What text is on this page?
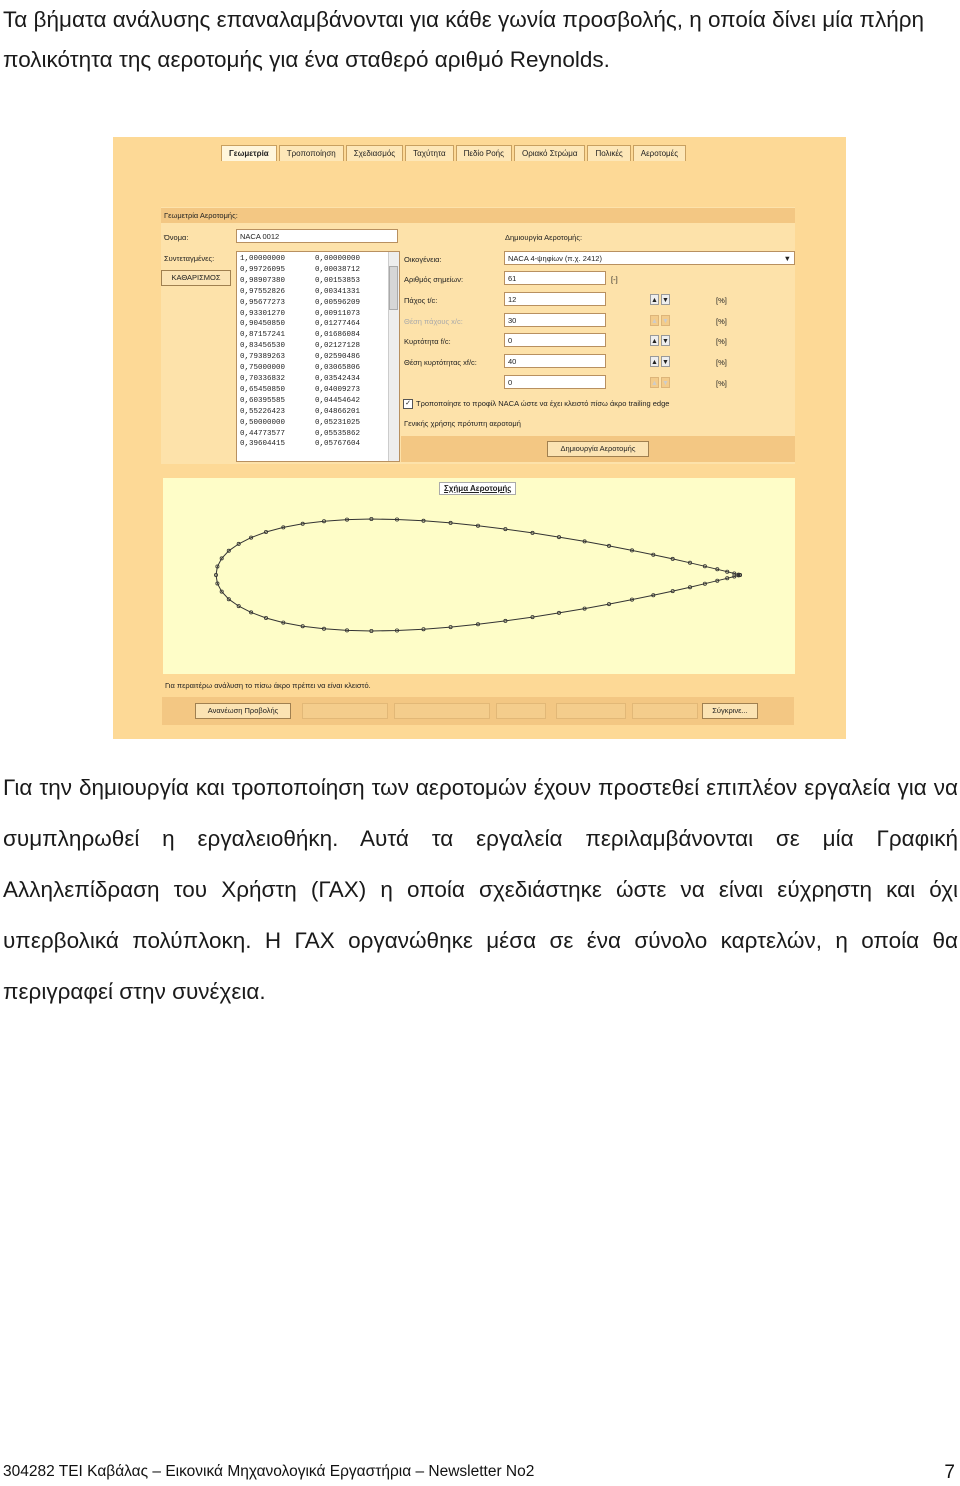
Τα βήματα ανάλυσης επαναλαμβάνονται για κάθε γωνία προσβολής, η οποία δίνει μία πλήρη πολικότητα της αεροτομής για ένα σταθερό αριθμό Reynolds.

Γεωμετρία	Τροποποίηση	Σχεδιασμός	Ταχύτητα	Πεδίο Ροής	Οριακό Στρώμα	Πολικές	Αεροτομές
Γεωμετρία Αεροτομής:
Όνομα:	NACA 0012
Συντεταγμένες:
ΚΑΘΑΡΙΣΜΟΣ
1,00000000	0,00000000
0,99726095	0,00038712
0,98907380	0,00153853
0,97552826	0,00341331
0,95677273	0,00596209
0,93301270	0,00911073
0,90450850	0,01277464
0,87157241	0,01686084
0,83456530	0,02127128
0,79389263	0,02590486
0,75000000	0,03065806
0,70336832	0,03542434
0,65450850	0,04009273
0,60395585	0,04454642
0,55226423	0,04866201
0,50000000	0,05231025
0,44773577	0,05535862
0,39604415	0,05767604
Δημιουργία Αεροτομής:
Οικογένεια:	NACA 4-ψηφίων (π.χ. 2412)	▼
Αριθμός σημείων:	61	[-]
Πάχος t/c:	12	▲ ▼	[%]
Θέση πάχους x/c:	30	▲ ▼	[%]
Κυρτότητα f/c:	0	▲ ▼	[%]
Θέση κυρτότητας xf/c:	40	▲ ▼	[%]
0	▲ ▼	[%]
✓ Τροποποίησε το προφίλ NACA ώστε να έχει κλειστό πίσω άκρο trailing edge
Γενικής χρήσης πρότυπη αεροτομή
Δημιουργία Αεροτομής
Σχήμα Αεροτομής
Για περαιτέρω ανάλυση το πίσω άκρο πρέπει να είναι κλειστό.
Ανανέωση Προβολής	Σύγκρινε...

Για την δημιουργία και τροποποίηση των αεροτομών έχουν προστεθεί επιπλέον εργαλεία για να συμπληρωθεί η εργαλειοθήκη. Αυτά τα εργαλεία περιλαμβάνονται σε μία Γραφική Αλληλεπίδραση του Χρήστη (ΓΑΧ) η οποία σχεδιάστηκε ώστε να είναι εύχρηστη και όχι υπερβολικά πολύπλοκη. Η ΓΑΧ οργανώθηκε μέσα σε ένα σύνολο καρτελών, η οποία θα περιγραφεί στην συνέχεια.

304282 ΤΕΙ Καβάλας – Εικονικά Μηχανολογικά Εργαστήρια – Newsletter No2	7
